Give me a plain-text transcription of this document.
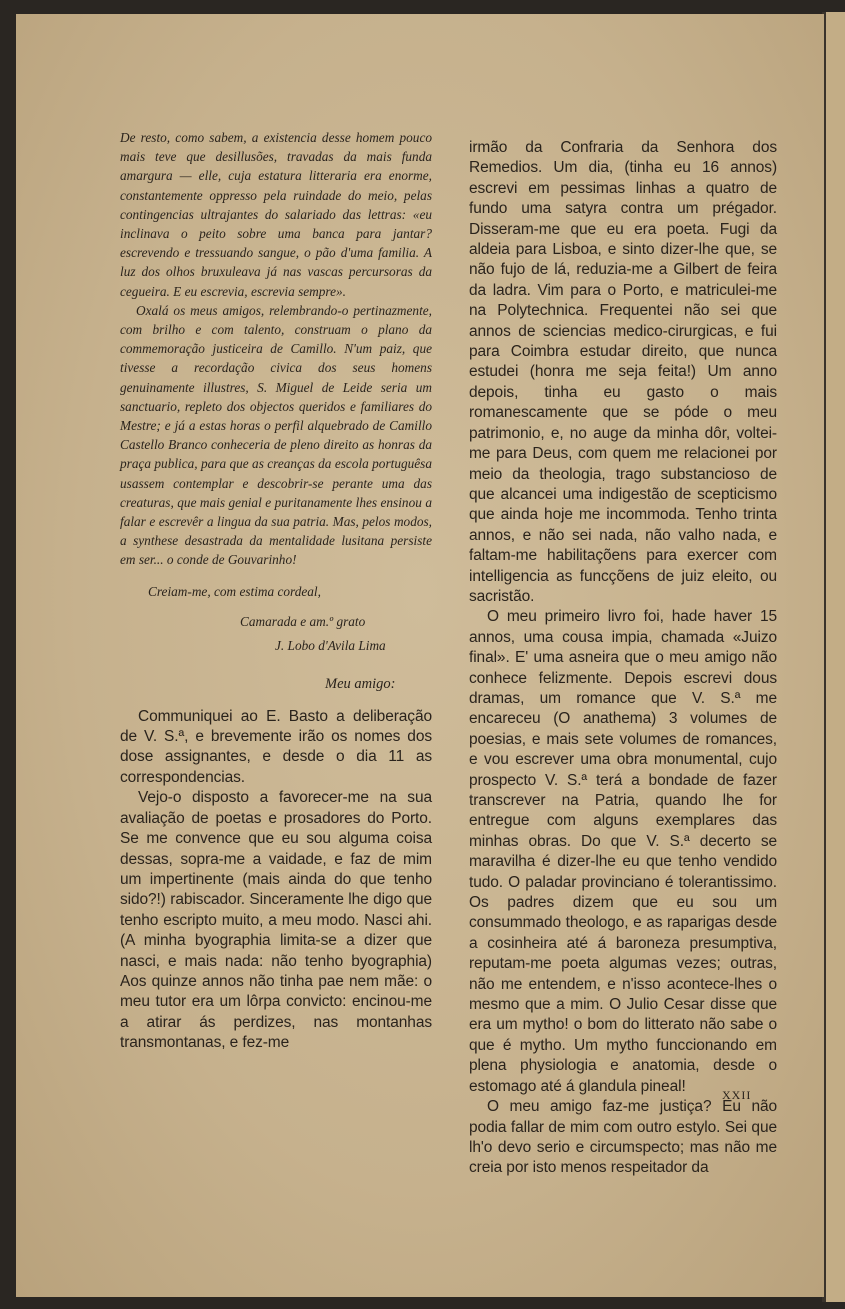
De resto, como sabem, a existencia desse homem pouco mais teve que desillusões, travadas da mais funda amargura — elle, cuja estatura litteraria era enorme, constantemente oppresso pela ruindade do meio, pelas contingencias ultrajantes do salariado das lettras: «eu inclinava o peito sobre uma banca para jantar? escrevendo e tressuando sangue, o pão d'uma familia. A luz dos olhos bruxuleava já nas vascas percursoras da cegueira. E eu escrevia, escrevia sempre».

Oxalá os meus amigos, relembrando-o pertinazmente, com brilho e com talento, construam o plano da commemoração justiceira de Camillo. N'um paiz, que tivesse a recordação civica dos seus homens genuinamente illustres, S. Miguel de Leide seria um sanctuario, repleto dos objectos queridos e familiares do Mestre; e já a estas horas o perfil alquebrado de Camillo Castello Branco conheceria de pleno direito as honras da praça publica, para que as creanças da escola portuguêsa usassem contemplar e descobrir-se perante uma das creaturas, que mais genial e puritanamente lhes ensinou a falar e escrevêr a lingua da sua patria. Mas, pelos modos, a synthese desastrada da mentalidade lusitana persiste em ser... o conde de Gouvarinho!

Creiam-me, com estima cordeal,
Camarada e am.º grato
J. Lobo d'Avila Lima
Meu amigo:

Communiquei ao E. Basto a deliberação de V. S.ª, e brevemente irão os nomes dos dose assignantes, e desde o dia 11 as correspondencias.

Vejo-o disposto a favorecer-me na sua avaliação de poetas e prosadores do Porto. Se me convence que eu sou alguma coisa dessas, sopra-me a vaidade, e faz de mim um impertinente (mais ainda do que tenho sido?!) rabiscador. Sinceramente lhe digo que tenho escripto muito, a meu modo. Nasci ahi. (A minha byographia limita-se a dizer que nasci, e mais nada: não tenho byographia) Aos quinze annos não tinha pae nem mãe: o meu tutor era um lôrpa convicto: encinou-me a atirar ás perdizes, nas montanhas transmontanas, e fez-me

irmão da Confraria da Senhora dos Remedios. Um dia, (tinha eu 16 annos) escrevi em pessimas linhas a quatro de fundo uma satyra contra um prégador. Disseram-me que eu era poeta. Fugi da aldeia para Lisboa, e sinto dizer-lhe que, se não fujo de lá, reduzia-me a Gilbert de feira da ladra. Vim para o Porto, e matriculei-me na Polytechnica. Frequentei não sei que annos de sciencias medico-cirurgicas, e fui para Coimbra estudar direito, que nunca estudei (honra me seja feita!) Um anno depois, tinha eu gasto o mais romanescamente que se póde o meu patrimonio, e, no auge da minha dôr, voltei-me para Deus, com quem me relacionei por meio da theologia, trago substancioso de que alcancei uma indigestão de scepticismo que ainda hoje me incommoda. Tenho trinta annos, e não sei nada, não valho nada, e faltam-me habilitaçõens para exercer com intelligencia as funcçõens de juiz eleito, ou sacristão.

O meu primeiro livro foi, hade haver 15 annos, uma cousa impia, chamada «Juizo final». E' uma asneira que o meu amigo não conhece felizmente. Depois escrevi dous dramas, um romance que V. S.ª me encareceu (O anathema) 3 volumes de poesias, e mais sete volumes de romances, e vou escrever uma obra monumental, cujo prospecto V. S.ª terá a bondade de fazer transcrever na Patria, quando lhe for entregue com alguns exemplares das minhas obras. Do que V. S.ª decerto se maravilha é dizer-lhe eu que tenho vendido tudo. O paladar provinciano é tolerantissimo. Os padres dizem que eu sou um consummado theologo, e as raparigas desde a cosinheira até á baroneza presumptiva, reputam-me poeta algumas vezes; outras, não me entendem, e n'isso acontece-lhes o mesmo que a mim. O Julio Cesar disse que era um mytho! o bom do litterato não sabe o que é mytho. Um mytho funccionando em plena physiologia e anatomia, desde o estomago até á glandula pineal!

O meu amigo faz-me justiça? Eu não podia fallar de mim com outro estylo. Sei que lh'o devo serio e circumspecto; mas não me creia por isto menos respeitador da

XXII
